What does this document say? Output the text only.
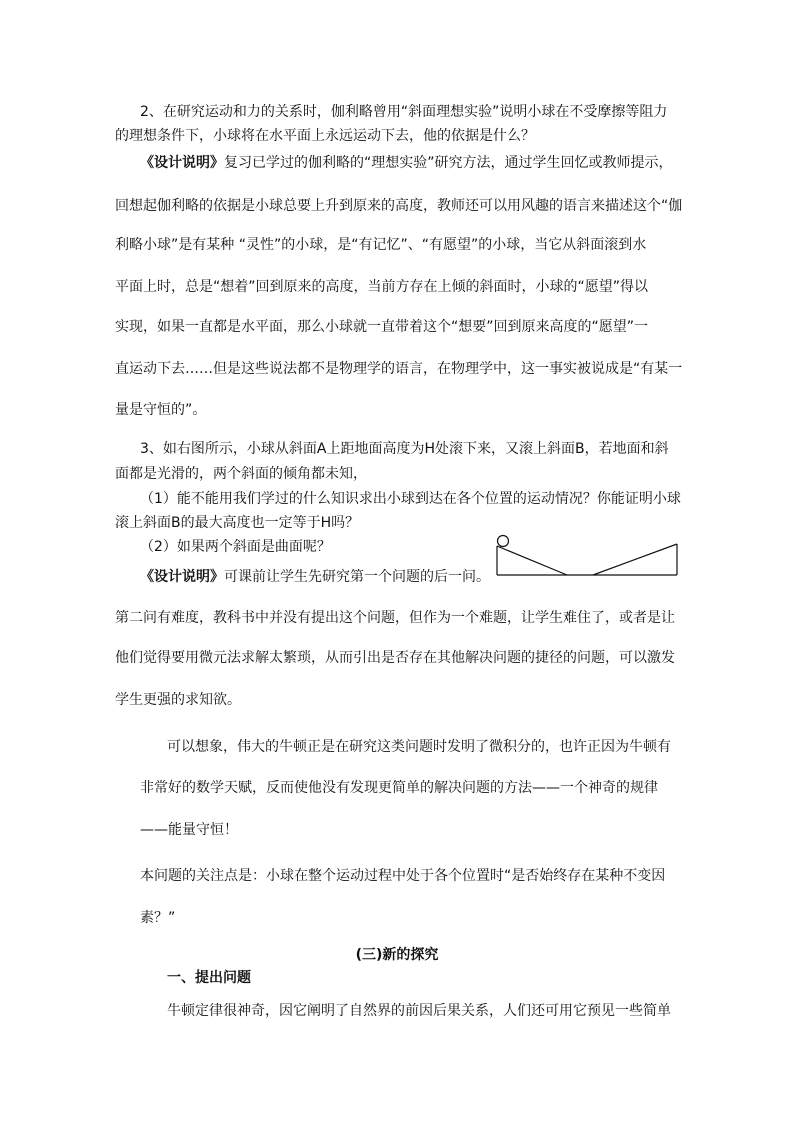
2、在研究运动和力的关系时，伽利略曾用“斜面理想实验”说明小球在不受摩擦等阻力
的理想条件下，小球将在水平面上永远运动下去，他的依据是什么？
《设计说明》复习已学过的伽利略的“理想实验”研究方法，通过学生回忆或教师提示，
回想起伽利略的依据是小球总要上升到原来的高度，教师还可以用风趣的语言来描述这个“伽
利略小球”是有某种 “灵性”的小球，是“有记忆”、“有愿望”的小球，当它从斜面滚到水
平面上时，总是“想着”回到原来的高度，当前方存在上倾的斜面时，小球的“愿望”得以
实现，如果一直都是水平面，那么小球就一直带着这个“想要”回到原来高度的“愿望”一
直运动下去……但是这些说法都不是物理学的语言，在物理学中，这一事实被说成是“有某一
量是守恒的”。
3、如右图所示，小球从斜面A上距地面高度为H处滚下来，又滚上斜面B，若地面和斜
面都是光滑的，两个斜面的倾角都未知，
（1）能不能用我们学过的什么知识求出小球到达在各个位置的运动情况？你能证明小球
滚上斜面B的最大高度也一定等于H吗？
（2）如果两个斜面是曲面呢？
《设计说明》可课前让学生先研究第一个问题的后一问。
第二问有难度，教科书中并没有提出这个问题，但作为一个难题，让学生难住了，或者是让
他们觉得要用微元法求解太繁琐，从而引出是否存在其他解决问题的捷径的问题，可以激发
学生更强的求知欲。
可以想象，伟大的牛顿正是在研究这类问题时发明了微积分的，也许正因为牛顿有
非常好的数学天赋，反而使他没有发现更简单的解决问题的方法——一个神奇的规律
——能量守恒！
本问题的关注点是：小球在整个运动过程中处于各个位置时“是否始终存在某种不变因
素？”
(三)新的探究
一、提出问题
牛顿定律很神奇，因它阐明了自然界的前因后果关系，人们还可用它预见一些简单
